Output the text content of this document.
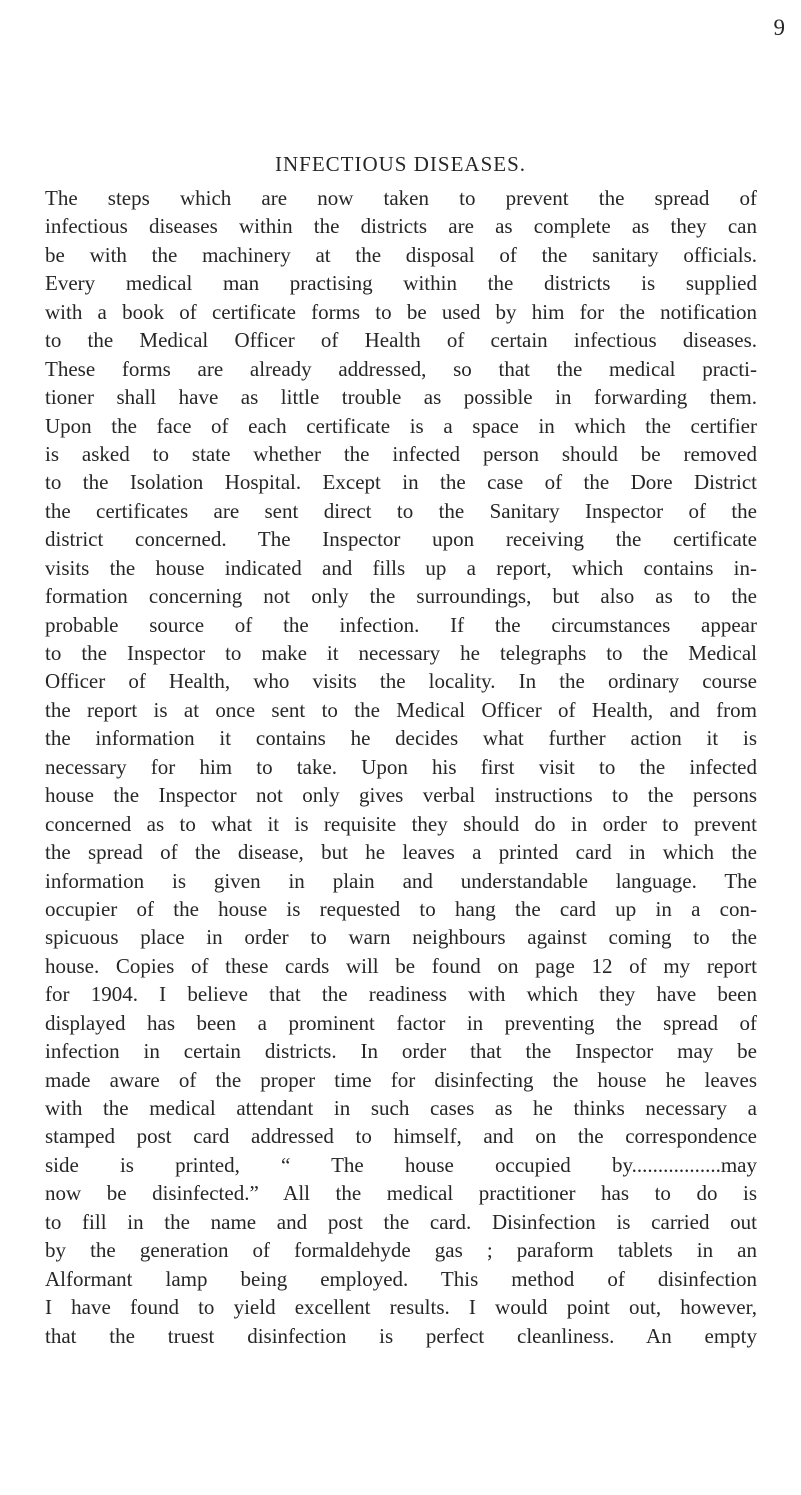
9
INFECTIOUS DISEASES.
The steps which are now taken to prevent the spread of
infectious diseases within the districts are as complete as they can
be with the machinery at the disposal of the sanitary officials.
Every medical man practising within the districts is supplied
with a book of certificate forms to be used by him for the notification
to the Medical Officer of Health of certain infectious diseases.
These forms are already addressed, so that the medical practi-
tioner shall have as little trouble as possible in forwarding them.
Upon the face of each certificate is a space in which the certifier
is asked to state whether the infected person should be removed
to the Isolation Hospital. Except in the case of the Dore District
the certificates are sent direct to the Sanitary Inspector of the
district concerned. The Inspector upon receiving the certificate
visits the house indicated and fills up a report, which contains in-
formation concerning not only the surroundings, but also as to the
probable source of the infection. If the circumstances appear
to the Inspector to make it necessary he telegraphs to the Medical
Officer of Health, who visits the locality. In the ordinary course
the report is at once sent to the Medical Officer of Health, and from
the information it contains he decides what further action it is
necessary for him to take. Upon his first visit to the infected
house the Inspector not only gives verbal instructions to the persons
concerned as to what it is requisite they should do in order to prevent
the spread of the disease, but he leaves a printed card in which the
information is given in plain and understandable language. The
occupier of the house is requested to hang the card up in a con-
spicuous place in order to warn neighbours against coming to the
house. Copies of these cards will be found on page 12 of my report
for 1904. I believe that the readiness with which they have been
displayed has been a prominent factor in preventing the spread of
infection in certain districts. In order that the Inspector may be
made aware of the proper time for disinfecting the house he leaves
with the medical attendant in such cases as he thinks necessary a
stamped post card addressed to himself, and on the correspondence
side is printed, “ The house occupied by.................may
now be disinfected.” All the medical practitioner has to do is
to fill in the name and post the card. Disinfection is carried out
by the generation of formaldehyde gas ; paraform tablets in an
Alformant lamp being employed. This method of disinfection
I have found to yield excellent results. I would point out, however,
that the truest disinfection is perfect cleanliness. An empty
